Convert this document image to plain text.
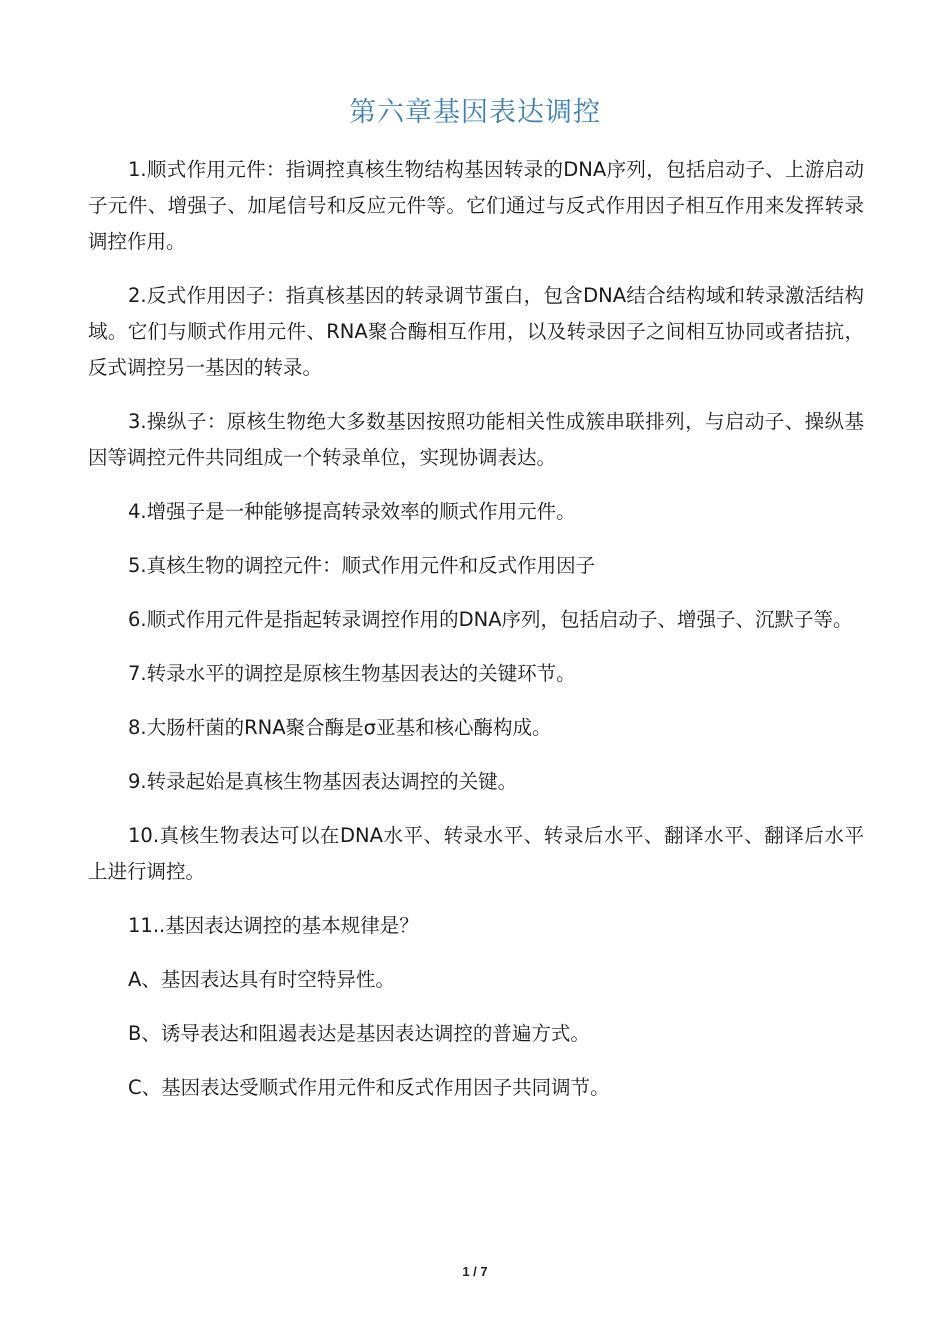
第六章基因表达调控

1.顺式作用元件：指调控真核生物结构基因转录的DNA序列，包括启动子、上游启动子元件、增强子、加尾信号和反应元件等。它们通过与反式作用因子相互作用来发挥转录调控作用。

2.反式作用因子：指真核基因的转录调节蛋白，包含DNA结合结构域和转录激活结构域。它们与顺式作用元件、RNA聚合酶相互作用，以及转录因子之间相互协同或者拮抗，反式调控另一基因的转录。

3.操纵子：原核生物绝大多数基因按照功能相关性成簇串联排列，与启动子、操纵基因等调控元件共同组成一个转录单位，实现协调表达。

4.增强子是一种能够提高转录效率的顺式作用元件。

5.真核生物的调控元件：顺式作用元件和反式作用因子

6.顺式作用元件是指起转录调控作用的DNA序列，包括启动子、增强子、沉默子等。

7.转录水平的调控是原核生物基因表达的关键环节。

8.大肠杆菌的RNA聚合酶是σ亚基和核心酶构成。

9.转录起始是真核生物基因表达调控的关键。

10.真核生物表达可以在DNA水平、转录水平、转录后水平、翻译水平、翻译后水平上进行调控。

11..基因表达调控的基本规律是？

A、基因表达具有时空特异性。

B、诱导表达和阻遏表达是基因表达调控的普遍方式。

C、基因表达受顺式作用元件和反式作用因子共同调节。

1 / 7
